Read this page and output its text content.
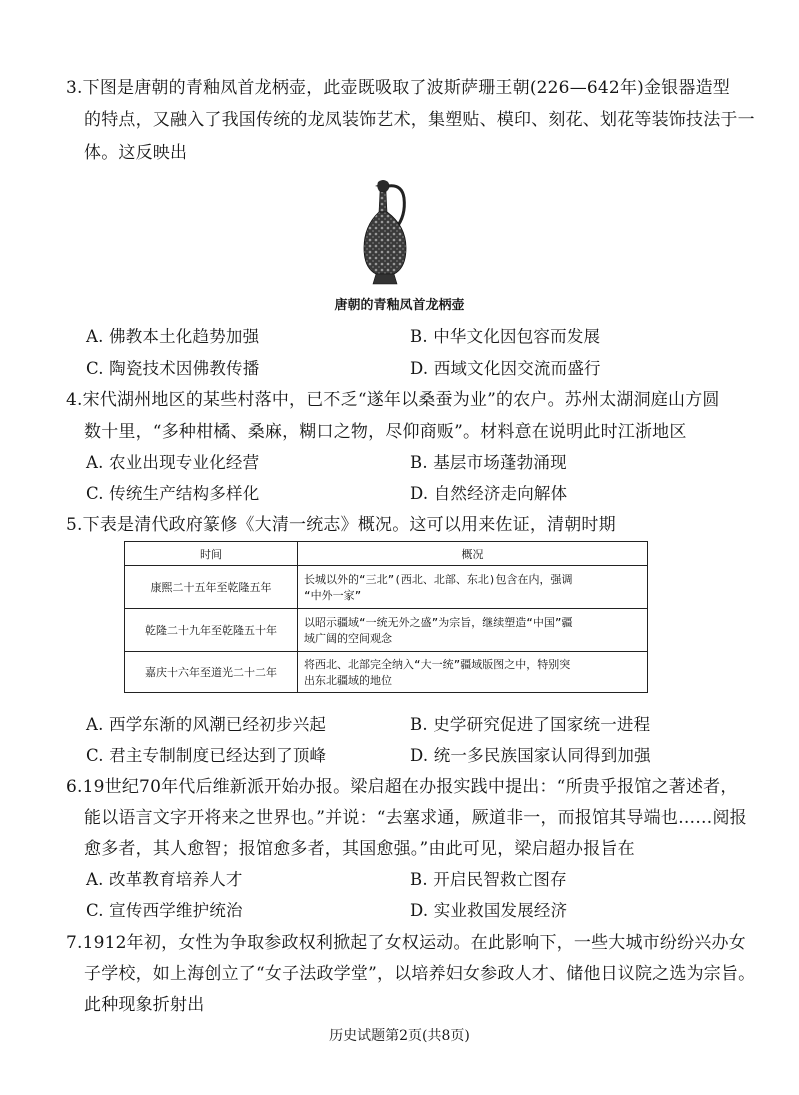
3.下图是唐朝的青釉凤首龙柄壶，此壶既吸取了波斯萨珊王朝(226—642年)金银器造型
的特点，又融入了我国传统的龙凤装饰艺术，集塑贴、模印、刻花、划花等装饰技法于一
体。这反映出
唐朝的青釉凤首龙柄壶
A. 佛教本土化趋势加强	B. 中华文化因包容而发展
C. 陶瓷技术因佛教传播	D. 西域文化因交流而盛行
4.宋代湖州地区的某些村落中，已不乏“遂年以桑蚕为业”的农户。苏州太湖洞庭山方圆
数十里，“多种柑橘、桑麻，糊口之物，尽仰商贩”。材料意在说明此时江浙地区
A. 农业出现专业化经营	B. 基层市场蓬勃涌现
C. 传统生产结构多样化	D. 自然经济走向解体
5.下表是清代政府篆修《大清一统志》概况。这可以用来佐证，清朝时期
时间	概况
康熙二十五年至乾隆五年	长城以外的“三北”(西北、北部、东北)包含在内，强调
“中外一家”

乾隆二十九年至乾隆五十年	以昭示疆域“一统无外之盛”为宗旨，继续塑造“中国”疆
域广阔的空间观念

嘉庆十六年至道光二十二年	将西北、北部完全纳入“大一统”疆域版图之中，特别突
出东北疆域的地位
A. 西学东渐的风潮已经初步兴起	B. 史学研究促进了国家统一进程
C. 君主专制制度已经达到了顶峰	D. 统一多民族国家认同得到加强
6.19世纪70年代后维新派开始办报。梁启超在办报实践中提出：“所贵乎报馆之著述者，
能以语言文字开将来之世界也。”并说：“去塞求通，厥道非一，而报馆其导端也……阅报
愈多者，其人愈智；报馆愈多者，其国愈强。”由此可见，梁启超办报旨在
A. 改革教育培养人才	B. 开启民智救亡图存
C. 宣传西学维护统治	D. 实业救国发展经济
7.1912年初，女性为争取参政权利掀起了女权运动。在此影响下，一些大城市纷纷兴办女
子学校，如上海创立了“女子法政学堂”，以培养妇女参政人才、储他日议院之选为宗旨。
此种现象折射出
历史试题第2页(共8页)
